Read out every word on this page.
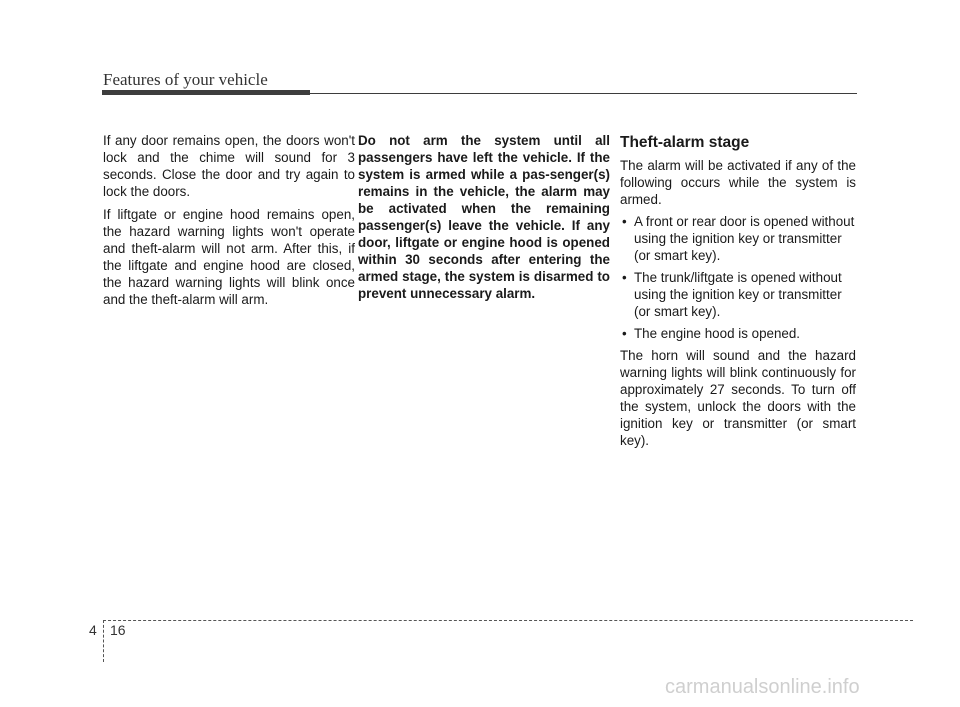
Features of your vehicle

If any door remains open, the doors won't lock and the chime will sound for 3 seconds. Close the door and try again to lock the doors.

If liftgate or engine hood remains open, the hazard warning lights won't operate and theft-alarm will not arm. After this, if the liftgate and engine hood are closed, the hazard warning lights will blink once and the theft-alarm will arm.

Do not arm the system until all passengers have left the vehicle. If the system is armed while a pas-senger(s) remains in the vehicle, the alarm may be activated when the remaining passenger(s) leave the vehicle. If any door, liftgate or engine hood is opened within 30 seconds after entering the armed stage, the system is disarmed to prevent unnecessary alarm.

Theft-alarm stage

The alarm will be activated if any of the following occurs while the system is armed.

• A front or rear door is opened without using the ignition key or transmitter (or smart key).
• The trunk/liftgate is opened without using the ignition key or transmitter (or smart key).
• The engine hood is opened.

The horn will sound and the hazard warning lights will blink continuously for approximately 27 seconds. To turn off the system, unlock the doors with the ignition key or transmitter (or smart key).

4 16
carmanualsonline.info
